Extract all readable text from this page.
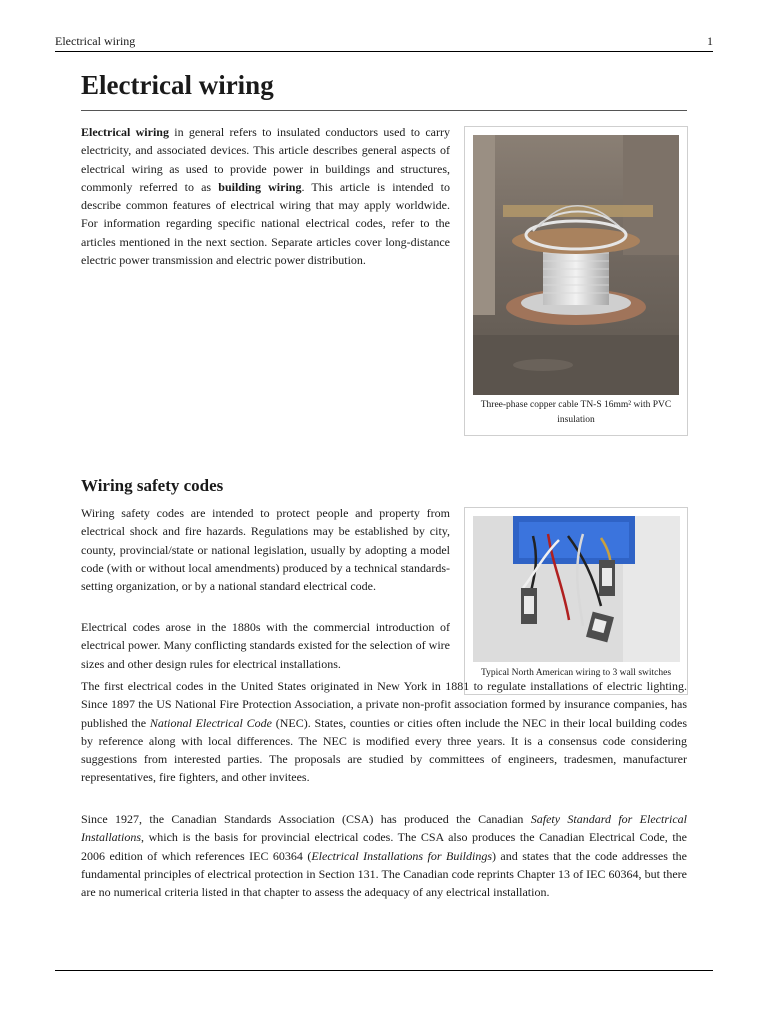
Electrical wiring	1
Electrical wiring

Electrical wiring in general refers to insulated conductors used to carry electricity, and associated devices. This article describes general aspects of electrical wiring as used to provide power in buildings and structures, commonly referred to as building wiring. This article is intended to describe common features of electrical wiring that may apply worldwide. For information regarding specific national electrical codes, refer to the articles mentioned in the next section. Separate articles cover long-distance electric power transmission and electric power distribution.

Three-phase copper cable TN-S 16mm² with PVC insulation
Wiring safety codes

Wiring safety codes are intended to protect people and property from electrical shock and fire hazards. Regulations may be established by city, county, provincial/state or national legislation, usually by adopting a model code (with or without local amendments) produced by a technical standards-setting organization, or by a national standard electrical code.

Electrical codes arose in the 1880s with the commercial introduction of electrical power. Many conflicting standards existed for the selection of wire sizes and other design rules for electrical installations.

Typical North American wiring to 3 wall switches

The first electrical codes in the United States originated in New York in 1881 to regulate installations of electric lighting. Since 1897 the US National Fire Protection Association, a private non-profit association formed by insurance companies, has published the National Electrical Code (NEC). States, counties or cities often include the NEC in their local building codes by reference along with local differences. The NEC is modified every three years. It is a consensus code considering suggestions from interested parties. The proposals are studied by committees of engineers, tradesmen, manufacturer representatives, fire fighters, and other invitees.

Since 1927, the Canadian Standards Association (CSA) has produced the Canadian Safety Standard for Electrical Installations, which is the basis for provincial electrical codes. The CSA also produces the Canadian Electrical Code, the 2006 edition of which references IEC 60364 (Electrical Installations for Buildings) and states that the code addresses the fundamental principles of electrical protection in Section 131. The Canadian code reprints Chapter 13 of IEC 60364, but there are no numerical criteria listed in that chapter to assess the adequacy of any electrical installation.
